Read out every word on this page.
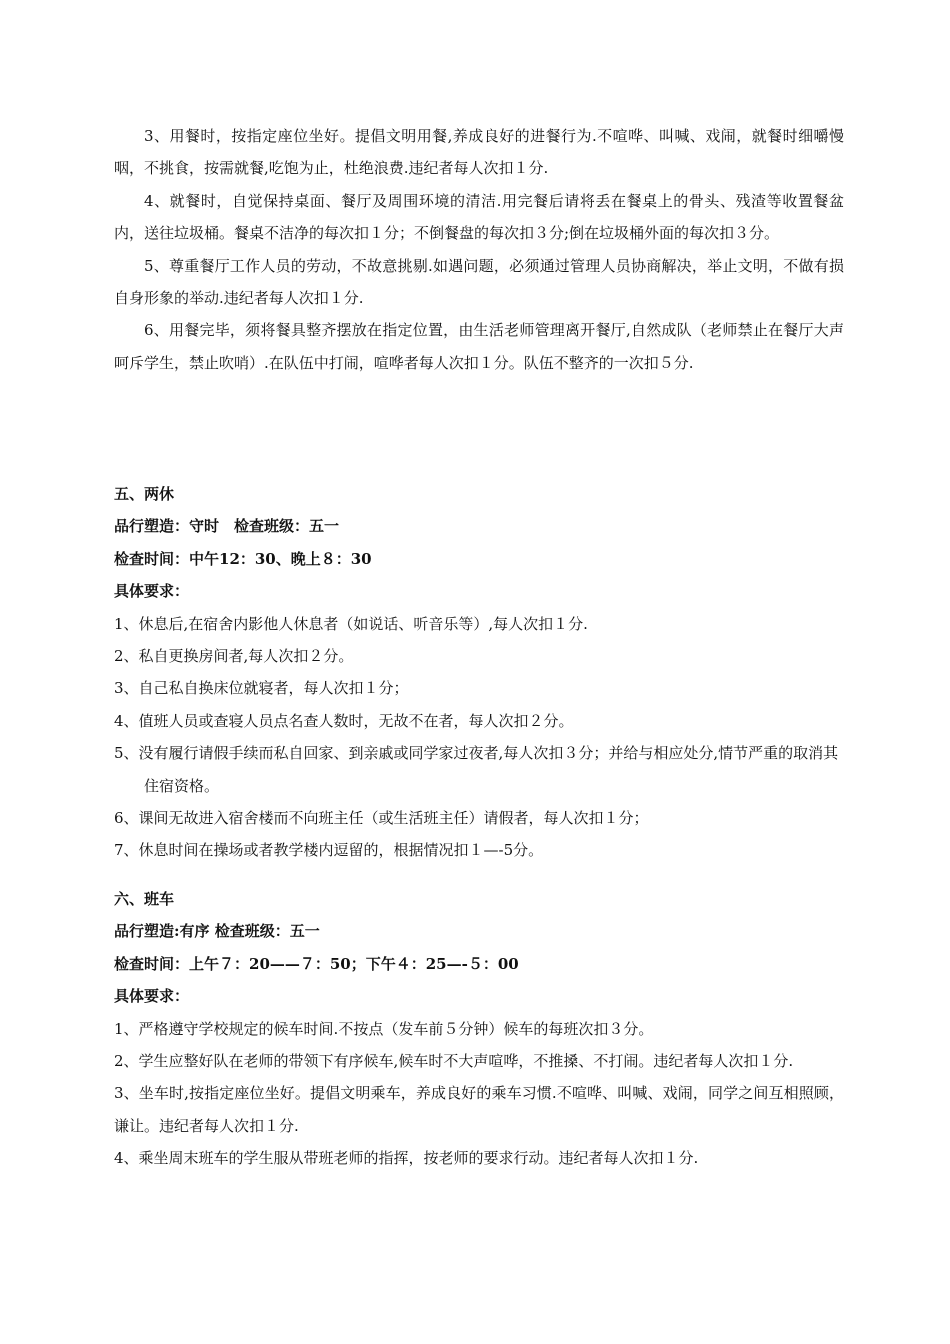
3、用餐时，按指定座位坐好。提倡文明用餐,养成良好的进餐行为.不喧哗、叫喊、戏闹，就餐时细嚼慢咽，不挑食，按需就餐,吃饱为止，杜绝浪费.违纪者每人次扣１分.

4、就餐时，自觉保持桌面、餐厅及周围环境的清洁.用完餐后请将丢在餐桌上的骨头、残渣等收置餐盆内，送往垃圾桶。餐桌不洁净的每次扣１分；不倒餐盘的每次扣３分;倒在垃圾桶外面的每次扣３分。

5、尊重餐厅工作人员的劳动，不故意挑剔.如遇问题，必须通过管理人员协商解决，举止文明，不做有损自身形象的举动.违纪者每人次扣１分.

6、用餐完毕，须将餐具整齐摆放在指定位置，由生活老师管理离开餐厅,自然成队（老师禁止在餐厅大声呵斥学生，禁止吹哨）.在队伍中打闹，喧哗者每人次扣１分。队伍不整齐的一次扣５分.

五、两休

品行塑造：守时　检查班级：五一

检查时间：中午12：30、晚上８：30

具体要求：

1、休息后,在宿舍内影他人休息者（如说话、听音乐等）,每人次扣１分.

2、私自更换房间者,每人次扣２分。

3、自己私自换床位就寝者，每人次扣１分；

4、值班人员或查寝人员点名查人数时，无故不在者，每人次扣２分。

5、没有履行请假手续而私自回家、到亲戚或同学家过夜者,每人次扣３分；并给与相应处分,情节严重的取消其住宿资格。

6、课间无故进入宿舍楼而不向班主任（或生活班主任）请假者，每人次扣１分；

7、休息时间在操场或者教学楼内逗留的，根据情况扣１—-5分。

六、班车

品行塑造:有序 检查班级：五一

检查时间：上午７：20——７：50；下午４：25—-５：00

具体要求：

1、严格遵守学校规定的候车时间.不按点（发车前５分钟）候车的每班次扣３分。

2、学生应整好队在老师的带领下有序候车,候车时不大声喧哗，不推搡、不打闹。违纪者每人次扣１分.

3、坐车时,按指定座位坐好。提倡文明乘车，养成良好的乘车习惯.不喧哗、叫喊、戏闹，同学之间互相照顾，谦让。违纪者每人次扣１分.

4、乘坐周末班车的学生服从带班老师的指挥，按老师的要求行动。违纪者每人次扣１分.
